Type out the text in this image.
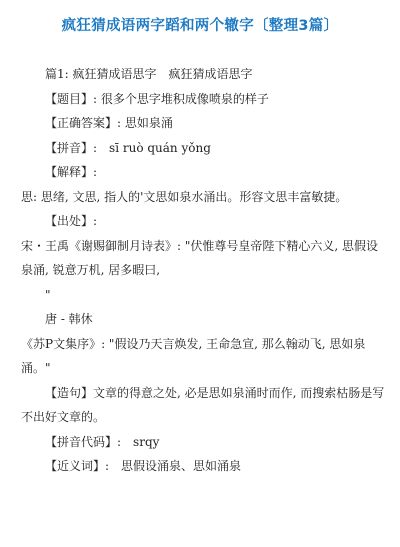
疯狂猜成语两字蹈和两个辙字〔整理3篇〕

篇1: 疯狂猜成语思字　疯狂猜成语思字

【题目】: 很多个思字堆积成像喷泉的样子

【正确答案】: 思如泉涌

【拼音】:　sī ruò quán yǒng

【解释】:

思: 思绪, 文思, 指人的'文思如泉水涌出。形容文思丰富敏捷。

【出处】:

宋・王禹《谢赐御制月诗表》: "伏惟尊号皇帝陛下精心六义, 思假设泉涌, 锐意万机, 居多暇曰,

"

唐 - 韩休

《苏P文集序》: "假设乃天言焕发, 王命急宣, 那么翰动飞, 思如泉涌。"

【造句】文章的得意之处, 必是思如泉涌时而作, 而搜索枯肠是写不出好文章的。

【拼音代码】:　srqy

【近义词】:　思假设涌泉、思如涌泉
